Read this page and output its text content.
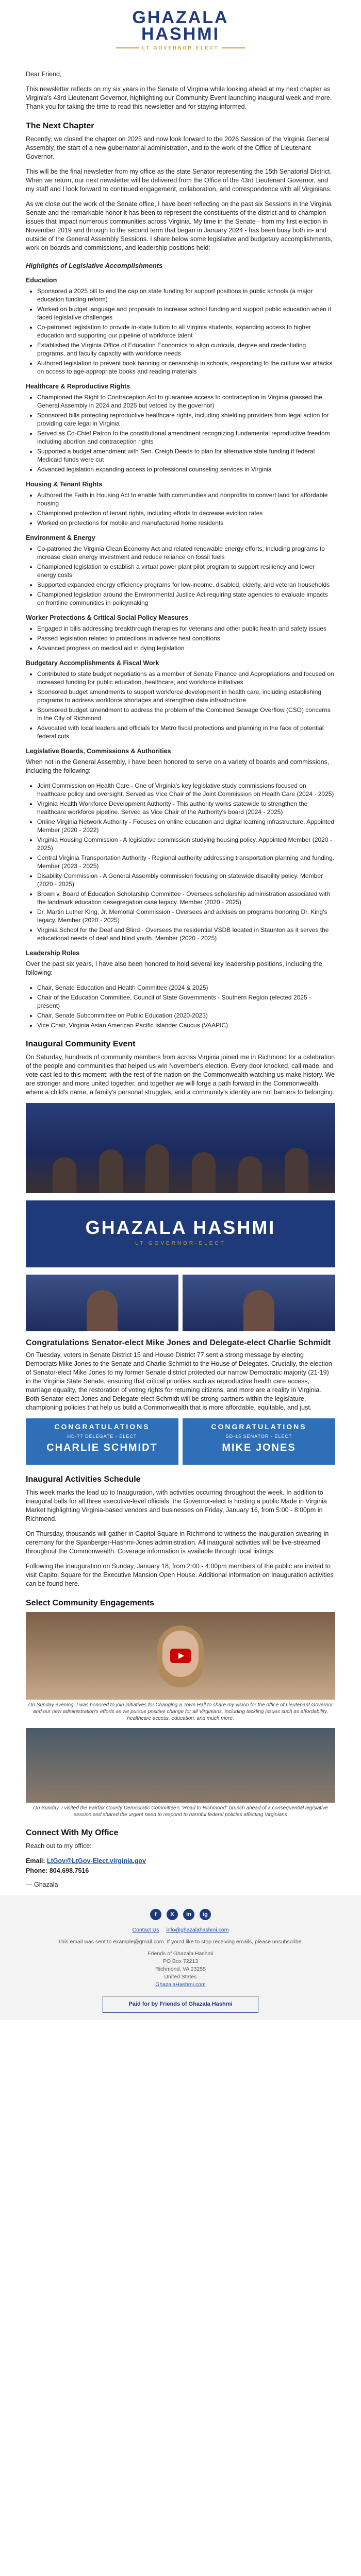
GHAZALA
HASHMI
LT GOVERNOR-ELECT

Dear Friend,

This newsletter reflects on my six years in the Senate of Virginia while looking ahead at my next chapter as Virginia's 43rd Lieutenant Governor, highlighting our Community Event launching inaugural week and more. Thank you for taking the time to read this newsletter and for staying informed.

The Next Chapter

Recently, we closed the chapter on 2025 and now look forward to the 2026 Session of the Virginia General Assembly, the start of a new gubernatorial administration, and to the work of the Office of Lieutenant Governor.

This will be the final newsletter from my office as the state Senator representing the 15th Senatorial District. When we return, our next newsletter will be delivered from the Office of the 43rd Lieutenant Governor, and my staff and I look forward to continued engagement, collaboration, and correspondence with all Virginians.

As we close out the work of the Senate office, I have been reflecting on the past six Sessions in the Virginia Senate and the remarkable honor it has been to represent the constituents of the district and to champion issues that impact numerous communities across Virginia. My time in the Senate - from my first election in November 2019 and through to the second term that began in January 2024 - has been busy both in- and outside of the General Assembly Sessions. I share below some legislative and budgetary accomplishments, work on boards and commissions, and leadership positions held:

Highlights of Legislative Accomplishments
Education
• Sponsored a 2025 bill to end the cap on state funding for support positions in public schools (a major education funding reform)
• Worked on budget language and proposals to increase school funding and support public education when it faced legislative challenges
• Co-patroned legislation to provide in-state tuition to all Virginia students, expanding access to higher education and supporting our pipeline of workforce talent
• Established the Virginia Office of Education Economics to align curricula, degree and credentialing programs, and faculty capacity with workforce needs
• Authored legislation to prevent book banning or censorship in schools, responding to the culture war attacks on access to age-appropriate books and reading materials
Healthcare & Reproductive Rights
• Championed the Right to Contraception Act to guarantee access to contraception in Virginia (passed the General Assembly in 2024 and 2025 but vetoed by the governor)
• Sponsored bills protecting reproductive healthcare rights, including shielding providers from legal action for providing care legal in Virginia
• Served as Co-Chief Patron to the constitutional amendment recognizing fundamental reproductive freedom including abortion and contraception rights
• Supported a budget amendment with Sen. Creigh Deeds to plan for alternative state funding if federal Medicaid funds were cut
• Advanced legislation expanding access to professional counseling services in Virginia
Housing & Tenant Rights
• Authored the Faith in Housing Act to enable faith communities and nonprofits to convert land for affordable housing
• Championed protection of tenant rights, including efforts to decrease eviction rates
• Worked on protections for mobile and manufactured home residents
Environment & Energy
• Co-patroned the Virginia Clean Economy Act and related renewable energy efforts, including programs to increase clean energy investment and reduce reliance on fossil fuels
• Championed legislation to establish a virtual power plant pilot program to support resiliency and lower energy costs
• Supported expanded energy efficiency programs for low-income, disabled, elderly, and veteran households
• Championed legislation around the Environmental Justice Act requiring state agencies to evaluate impacts on frontline communities in policymaking
Worker Protections & Critical Social Policy Measures
• Engaged in bills addressing breakthrough therapies for veterans and other public health and safety issues
• Passed legislation related to protections in adverse heat conditions
• Advanced progress on medical aid in dying legislation
Budgetary Accomplishments & Fiscal Work
• Contributed to state budget negotiations as a member of Senate Finance and Appropriations and focused on increased funding for public education, healthcare, and workforce initiatives
• Sponsored budget amendments to support workforce development in health care, including establishing programs to address workforce shortages and strengthen data infrastructure
• Sponsored budget amendment to address the problem of the Combined Sewage Overflow (CSO) concerns in the City of Richmond
• Advocated with local leaders and officials for Metro fiscal protections and planning in the face of potential federal cuts
Legislative Boards, Commissions & Authorities

When not in the General Assembly, I have been honored to serve on a variety of boards and commissions, including the following:

• Joint Commission on Health Care - One of Virginia's key legislative study commissions focused on healthcare policy and oversight. Served as Vice Chair of the Joint Commission on Health Care (2024 - 2025)
• Virginia Health Workforce Development Authority - This authority works statewide to strengthen the healthcare workforce pipeline. Served as Vice Chair of the Authority's board (2024 - 2025)
• Online Virginia Network Authority - Focuses on online education and digital learning infrastructure. Appointed Member (2020 - 2022)
• Virginia Housing Commission - A legislative commission studying housing policy. Appointed Member (2020 - 2025)
• Central Virginia Transportation Authority - Regional authority addressing transportation planning and funding. Member (2023 - 2025)
• Disability Commission - A General Assembly commission focusing on statewide disability policy. Member (2020 - 2025)
• Brown v. Board of Education Scholarship Committee - Oversees scholarship administration associated with the landmark education desegregation case legacy. Member (2020 - 2025)
• Dr. Martin Luther King, Jr. Memorial Commission - Oversees and advises on programs honoring Dr. King's legacy. Member (2020 - 2025)
• Virginia School for the Deaf and Blind - Oversees the residential VSDB located in Staunton as it serves the educational needs of deaf and blind youth. Member (2020 - 2025)
Leadership Roles

Over the past six years, I have also been honored to hold several key leadership positions, including the following:

• Chair, Senate Education and Health Committee (2024 & 2025)
• Chair of the Education Committee, Council of State Governments - Southern Region (elected 2025 - present)
• Chair, Senate Subcommittee on Public Education (2020-2023)
• Vice Chair, Virginia Asian American Pacific Islander Caucus (VAAPIC)
Inaugural Community Event

On Saturday, hundreds of community members from across Virginia joined me in Richmond for a celebration of the people and communities that helped us win November's election. Every door knocked, call made, and vote cast led to this moment: with the rest of the nation on the Commonwealth watching us make history. We are stronger and more united together, and together we will forge a path forward in the Commonwealth where a child's name, a family's personal struggles, and a community's identity are not barriers to belonging.

GHAZALA HASHMI
LT GOVERNOR-ELECT
Congratulations Senator-elect Mike Jones and Delegate-elect Charlie Schmidt

On Tuesday, voters in Senate District 15 and House District 77 sent a strong message by electing Democrats Mike Jones to the Senate and Charlie Schmidt to the House of Delegates. Crucially, the election of Senator-elect Mike Jones to my former Senate district protected our narrow Democratic majority (21-19) in the Virginia State Senate, ensuring that critical priorities such as reproductive health care access, marriage equality, the restoration of voting rights for returning citizens, and more are a reality in Virginia. Both Senator-elect Jones and Delegate-elect Schmidt will be strong partners within the legislature, championing policies that help us build a Commonwealth that is more affordable, equitable, and just.

CONGRATULATIONS
HD-77 DELEGATE - ELECT
CHARLIE SCHMIDT
CONGRATULATIONS
SD-15 SENATOR - ELECT
MIKE JONES
Inaugural Activities Schedule

This week marks the lead up to Inauguration, with activities occurring throughout the week. In addition to inaugural balls for all three executive-level officials, the Governor-elect is hosting a public Made in Virginia Market highlighting Virginia-based vendors and businesses on Friday, January 16, from 5:00 - 8:00pm in Richmond.

On Thursday, thousands will gather in Capitol Square in Richmond to witness the inauguration swearing-in ceremony for the Spanberger-Hashmi-Jones administration. All inaugural activities will be live-streamed throughout the Commonwealth. Coverage information is available through local listings.

Following the inauguration on Sunday, January 18, from 2:00 - 4:00pm members of the public are invited to visit Capitol Square for the Executive Mansion Open House. Additional information on Inauguration activities can be found here.

Select Community Engagements
On Sunday evening, I was honored to join initiatives for Changing a Town Hall to share my vision for the office of Lieutenant Governor and our new administration's efforts as we pursue positive change for all Virginians, including tackling issues such as affordability, healthcare access, education, and much more.
On Sunday, I visited the Fairfax County Democratic Committee's "Road to Richmond" brunch ahead of a consequential legislative session and shared the urgent need to respond to harmful federal policies affecting Virginians
Connect With My Office

Reach out to my office:

Email: LtGov@LtGov-Elect.virginia.gov

Phone: 804.698.7516

— Ghazala

f	X	in	ig
Contact Us info@ghazalahashmi.com
This email was sent to example@gmail.com. If you'd like to stop receiving emails, please unsubscribe.
Friends of Ghazala Hashmi
PO Box 72213
Richmond, VA 23255
United States
GhazalaHashmi.com
Paid for by Friends of Ghazala Hashmi
